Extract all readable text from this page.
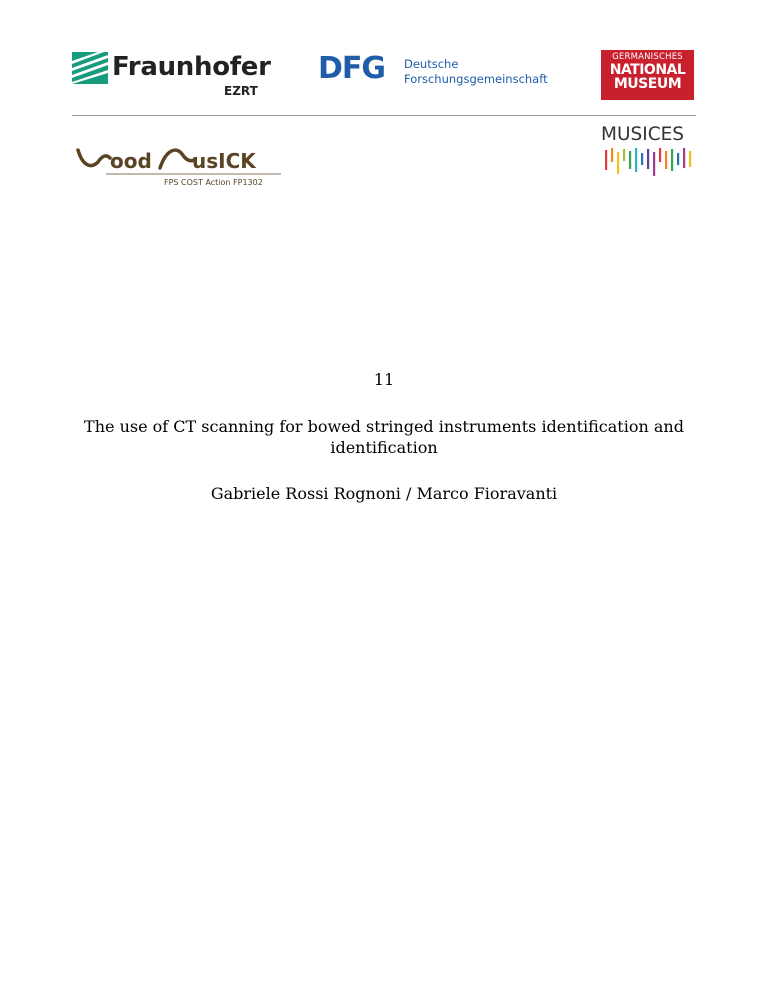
Fraunhofer
EZRT
DFG Deutsche
Forschungsgemeinschaft
GERMANISCHES
NATIONAL
MUSEUM
ood usICK
FPS COST Action FP1302
MUSICES
11
The use of CT scanning for bowed stringed instruments identification and identification
Gabriele Rossi Rognoni / Marco Fioravanti
